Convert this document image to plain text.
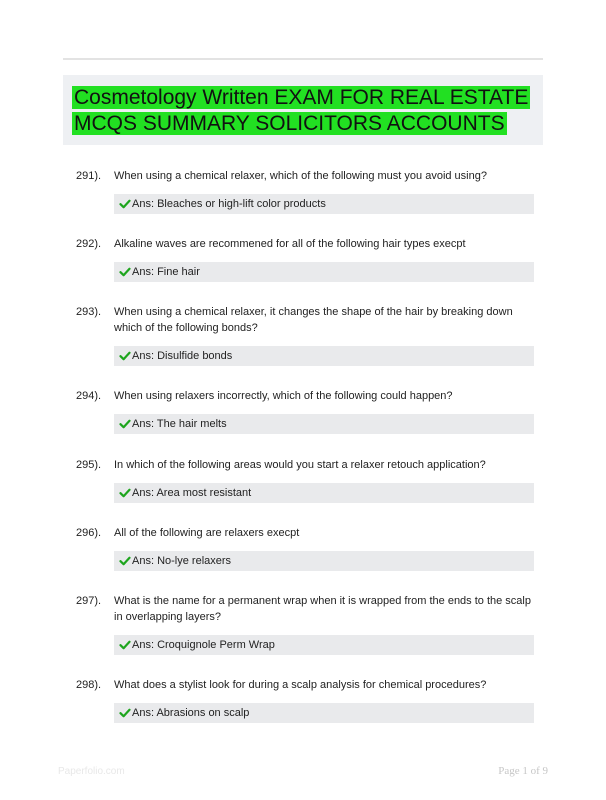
Cosmetology Written EXAM FOR REAL ESTATE MCQS SUMMARY SOLICITORS ACCOUNTS
291). When using a chemical relaxer, which of the following must you avoid using?
Ans: Bleaches or high-lift color products
292). Alkaline waves are recommened for all of the following hair types execpt
Ans: Fine hair
293). When using a chemical relaxer, it changes the shape of the hair by breaking down which of the following bonds?
Ans: Disulfide bonds
294). When using relaxers incorrectly, which of the following could happen?
Ans: The hair melts
295). In which of the following areas would you start a relaxer retouch application?
Ans: Area most resistant
296). All of the following are relaxers execpt
Ans: No-lye relaxers
297). What is the name for a permanent wrap when it is wrapped from the ends to the scalp in overlapping layers?
Ans: Croquignole Perm Wrap
298). What does a stylist look for during a scalp analysis for chemical procedures?
Ans: Abrasions on scalp
Paperfolio.com	Page 1 of 9
